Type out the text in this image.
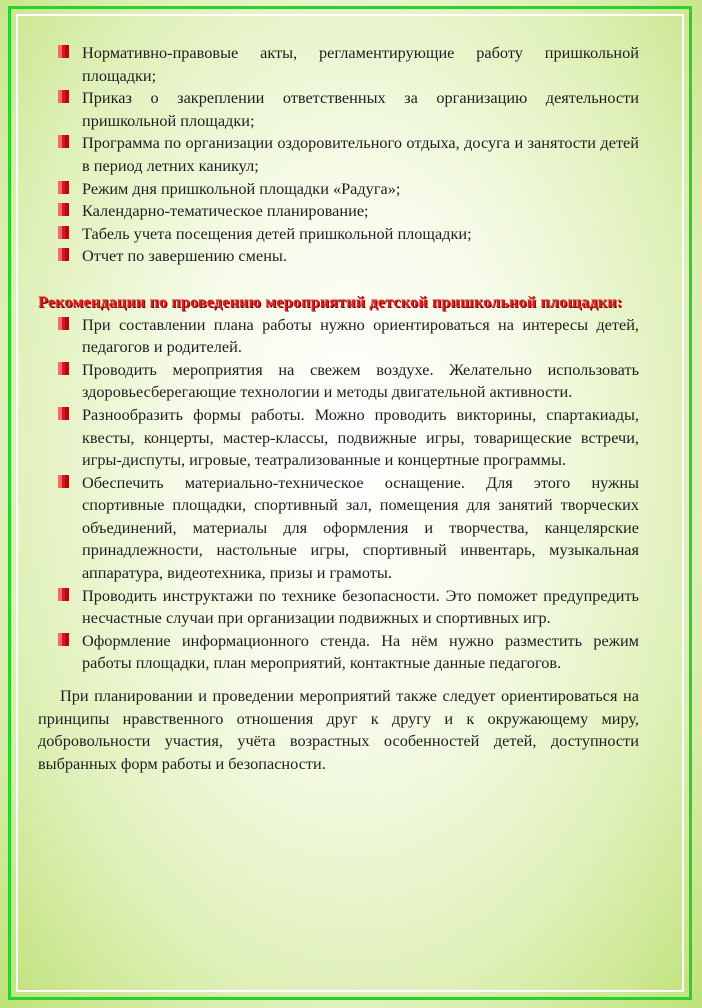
Нормативно-правовые акты, регламентирующие работу пришкольной площадки;
Приказ о закреплении ответственных за организацию деятельности пришкольной площадки;
Программа по организации оздоровительного отдыха, досуга и занятости детей в период летних каникул;
Режим дня пришкольной площадки «Радуга»;
Календарно-тематическое планирование;
Табель учета посещения детей пришкольной площадки;
Отчет по завершению смены.
Рекомендации по проведению мероприятий детской пришкольной площадки:
При составлении плана работы нужно ориентироваться на интересы детей, педагогов и родителей.
Проводить мероприятия на свежем воздухе. Желательно использовать здоровьесберегающие технологии и методы двигательной активности.
Разнообразить формы работы. Можно проводить викторины, спартакиады, квесты, концерты, мастер-классы, подвижные игры, товарищеские встречи, игры-диспуты, игровые, театрализованные и концертные программы.
Обеспечить материально-техническое оснащение. Для этого нужны спортивные площадки, спортивный зал, помещения для занятий творческих объединений, материалы для оформления и творчества, канцелярские принадлежности, настольные игры, спортивный инвентарь, музыкальная аппаратура, видеотехника, призы и грамоты.
Проводить инструктажи по технике безопасности. Это поможет предупредить несчастные случаи при организации подвижных и спортивных игр.
Оформление информационного стенда. На нём нужно разместить режим работы площадки, план мероприятий, контактные данные педагогов.

При планировании и проведении мероприятий также следует ориентироваться на принципы нравственного отношения друг к другу и к окружающему миру, добровольности участия, учёта возрастных особенностей детей, доступности выбранных форм работы и безопасности.
